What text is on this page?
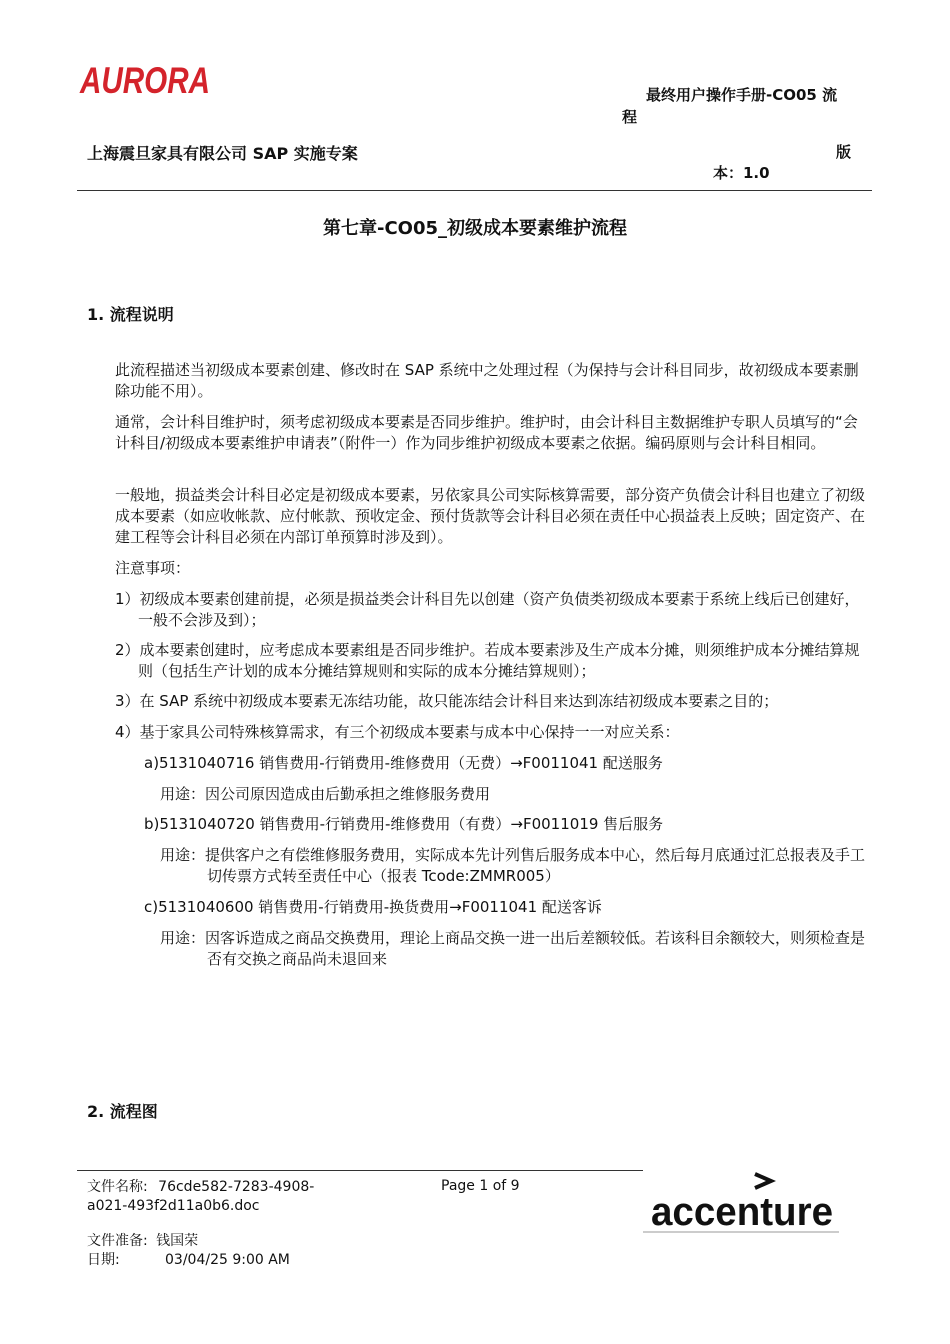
AURORA	最终用户操作手册-CO05 流
程
上海震旦家具有限公司 SAP 实施专案	版
本：1.0
第七章-CO05_初级成本要素维护流程
1. 流程说明
此流程描述当初级成本要素创建、修改时在 SAP 系统中之处理过程（为保持与会计科目同步，故初级成本要素删除功能不用）。
通常，会计科目维护时，须考虑初级成本要素是否同步维护。维护时，由会计科目主数据维护专职人员填写的“会计科目/初级成本要素维护申请表”（附件一）作为同步维护初级成本要素之依据。编码原则与会计科目相同。
一般地，损益类会计科目必定是初级成本要素，另依家具公司实际核算需要，部分资产负债会计科目也建立了初级成本要素（如应收帐款、应付帐款、预收定金、预付货款等会计科目必须在责任中心损益表上反映；固定资产、在建工程等会计科目必须在内部订单预算时涉及到）。
注意事项：
1）初级成本要素创建前提，必须是损益类会计科目先以创建（资产负债类初级成本要素于系统上线后已创建好，一般不会涉及到）；
2）成本要素创建时，应考虑成本要素组是否同步维护。若成本要素涉及生产成本分摊，则须维护成本分摊结算规则（包括生产计划的成本分摊结算规则和实际的成本分摊结算规则）；
3）在 SAP 系统中初级成本要素无冻结功能，故只能冻结会计科目来达到冻结初级成本要素之目的；
4）基于家具公司特殊核算需求，有三个初级成本要素与成本中心保持一一对应关系：
a)5131040716 销售费用-行销费用-维修费用（无费）→F0011041 配送服务
用途：因公司原因造成由后勤承担之维修服务费用
b)5131040720 销售费用-行销费用-维修费用（有费）→F0011019 售后服务
用途：提供客户之有偿维修服务费用，实际成本先计列售后服务成本中心，然后每月底通过汇总报表及手工切传票方式转至责任中心（报表 Tcode:ZMMR005）
c)5131040600 销售费用-行销费用-换货费用→F0011041 配送客诉
用途：因客诉造成之商品交换费用，理论上商品交换一进一出后差额较低。若该科目余额较大，则须检查是否有交换之商品尚未退回来
2. 流程图
文件名称: 76cde582-7283-4908-
a021-493f2d11a0b6.doc
Page 1 of 9
文件准备: 钱国荣
日期:	03/04/25 9:00 AM
accenture
